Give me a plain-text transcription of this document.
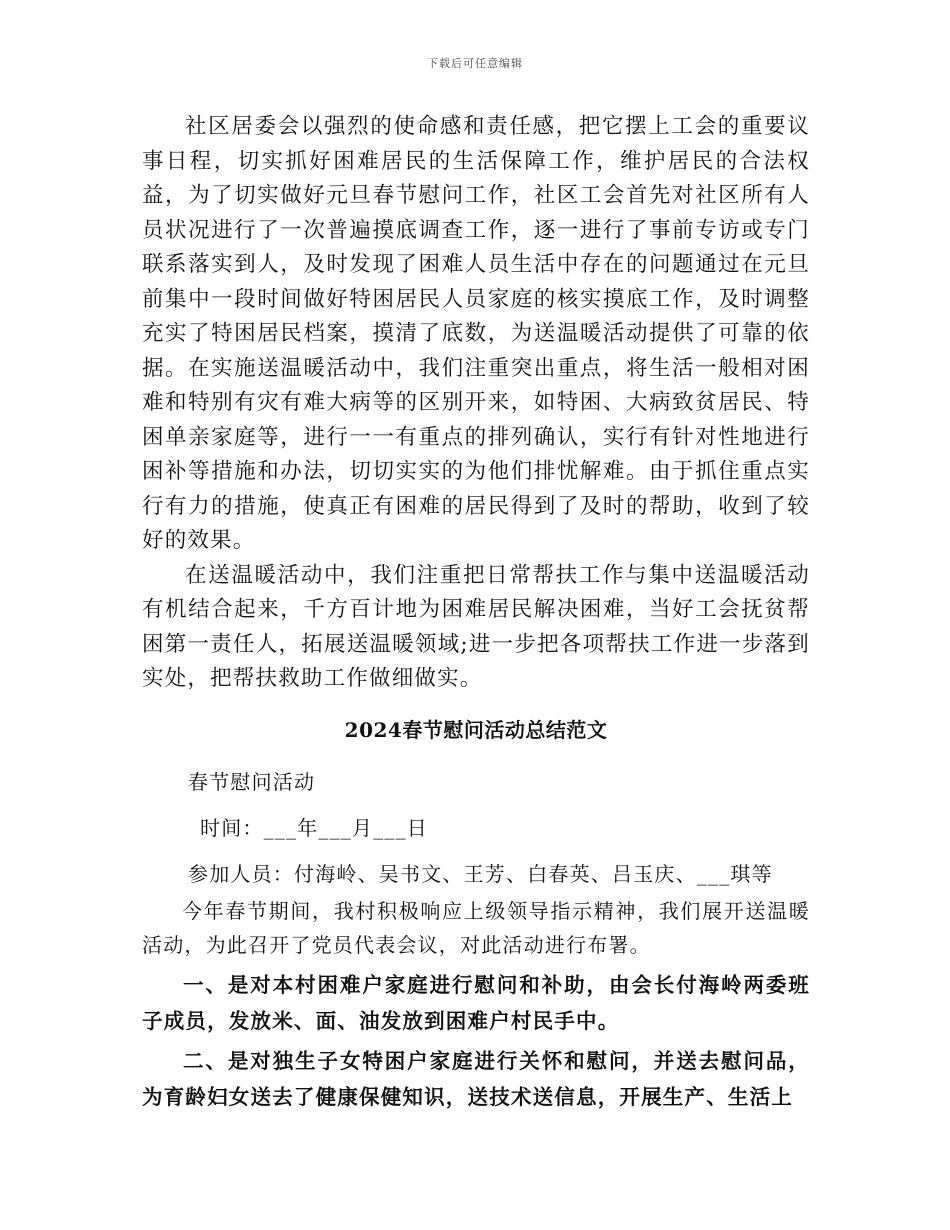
下载后可任意编辑

社区居委会以强烈的使命感和责任感，把它摆上工会的重要议事日程，切实抓好困难居民的生活保障工作，维护居民的合法权益，为了切实做好元旦春节慰问工作，社区工会首先对社区所有人员状况进行了一次普遍摸底调查工作，逐一进行了事前专访或专门联系落实到人，及时发现了困难人员生活中存在的问题通过在元旦前集中一段时间做好特困居民人员家庭的核实摸底工作，及时调整充实了特困居民档案，摸清了底数，为送温暖活动提供了可靠的依据。在实施送温暖活动中，我们注重突出重点，将生活一般相对困难和特别有灾有难大病等的区别开来，如特困、大病致贫居民、特困单亲家庭等，进行一一有重点的排列确认，实行有针对性地进行困补等措施和办法，切切实实的为他们排忧解难。由于抓住重点实行有力的措施，使真正有困难的居民得到了及时的帮助，收到了较好的效果。

在送温暖活动中，我们注重把日常帮扶工作与集中送温暖活动有机结合起来，千方百计地为困难居民解决困难，当好工会抚贫帮困第一责任人，拓展送温暖领域;进一步把各项帮扶工作进一步落到实处，把帮扶救助工作做细做实。

2024春节慰问活动总结范文

春节慰问活动

时间：___年___月___日

参加人员：付海岭、吴书文、王芳、白春英、吕玉庆、___琪等

今年春节期间，我村积极响应上级领导指示精神，我们展开送温暖活动，为此召开了党员代表会议，对此活动进行布署。

一、是对本村困难户家庭进行慰问和补助，由会长付海岭两委班子成员，发放米、面、油发放到困难户村民手中。

二、是对独生子女特困户家庭进行关怀和慰问，并送去慰问品，为育龄妇女送去了健康保健知识，送技术送信息，开展生产、生活上
